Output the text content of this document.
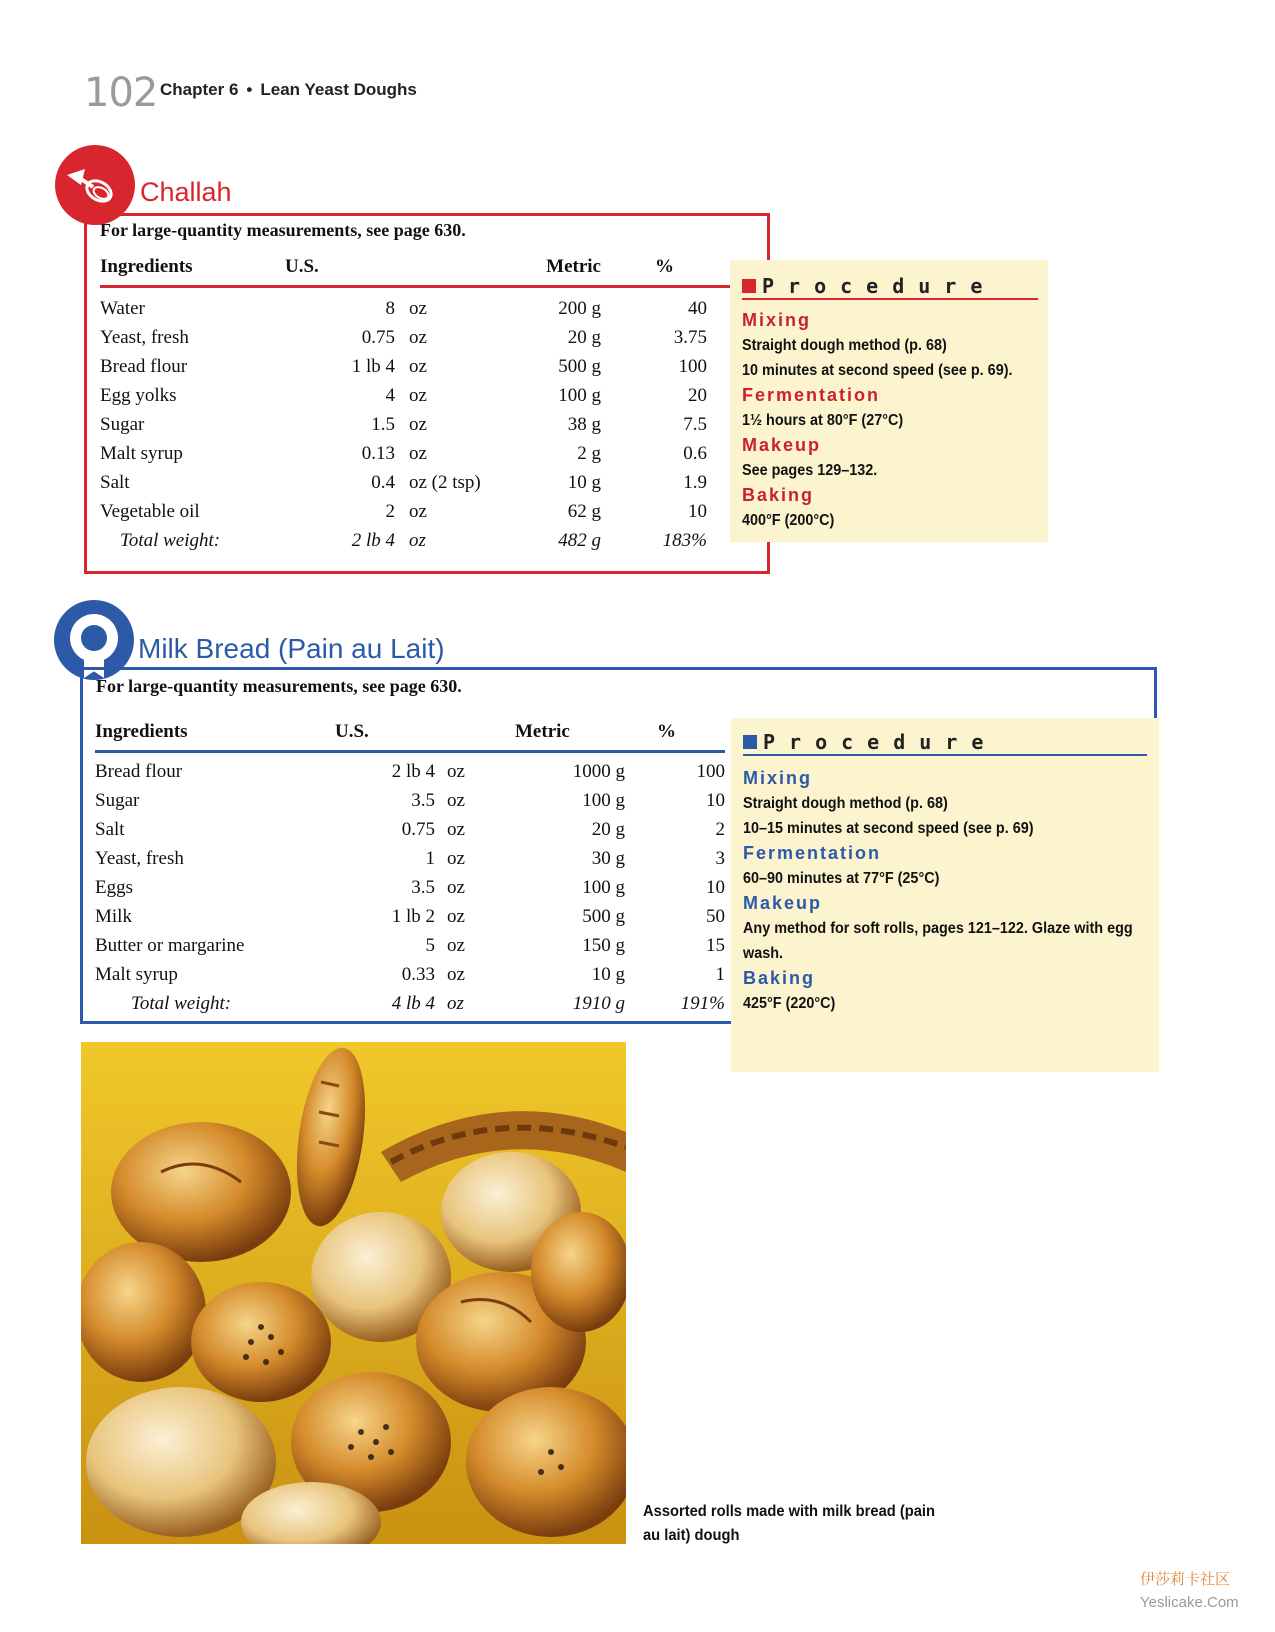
102 Chapter 6 • Lean Yeast Doughs
Challah
For large-quantity measurements, see page 630.
Ingredients	U.S.		Metric	%	

Water	8	oz	200 g	40	
Yeast, fresh	0.75	oz	20 g	3.75	
Bread flour	1 lb 4	oz	500 g	100	
Egg yolks	4	oz	100 g	20	
Sugar	1.5	oz	38 g	7.5	
Malt syrup	0.13	oz	2 g	0.6	
Salt	0.4	oz (2 tsp)	10 g	1.9	
Vegetable oil	2	oz	62 g	10	
Total weight:	2 lb 4	oz	482 g	183%	
Procedure
Mixing
Straight dough method (p. 68)
10 minutes at second speed (see p. 69).
Fermentation
1½ hours at 80°F (27°C)
Makeup
See pages 129–132.
Baking
400°F (200°C)
Milk Bread (Pain au Lait)
For large-quantity measurements, see page 630.
Ingredients	U.S.		Metric	%	

Bread flour	2 lb 4	oz	1000 g	100	
Sugar	3.5	oz	100 g	10	
Salt	0.75	oz	20 g	2	
Yeast, fresh	1	oz	30 g	3	
Eggs	3.5	oz	100 g	10	
Milk	1 lb 2	oz	500 g	50	
Butter or margarine	5	oz	150 g	15	
Malt syrup	0.33	oz	10 g	1	
Total weight:	4 lb 4	oz	1910 g	191%	
Procedure
Mixing
Straight dough method (p. 68)
10–15 minutes at second speed (see p. 69)
Fermentation
60–90 minutes at 77°F (25°C)
Makeup
Any method for soft rolls, pages 121–122. Glaze with egg wash.
Baking
425°F (220°C)
Assorted rolls made with milk bread (pain au lait) dough
伊莎莉卡社区
Yeslicake.Com
